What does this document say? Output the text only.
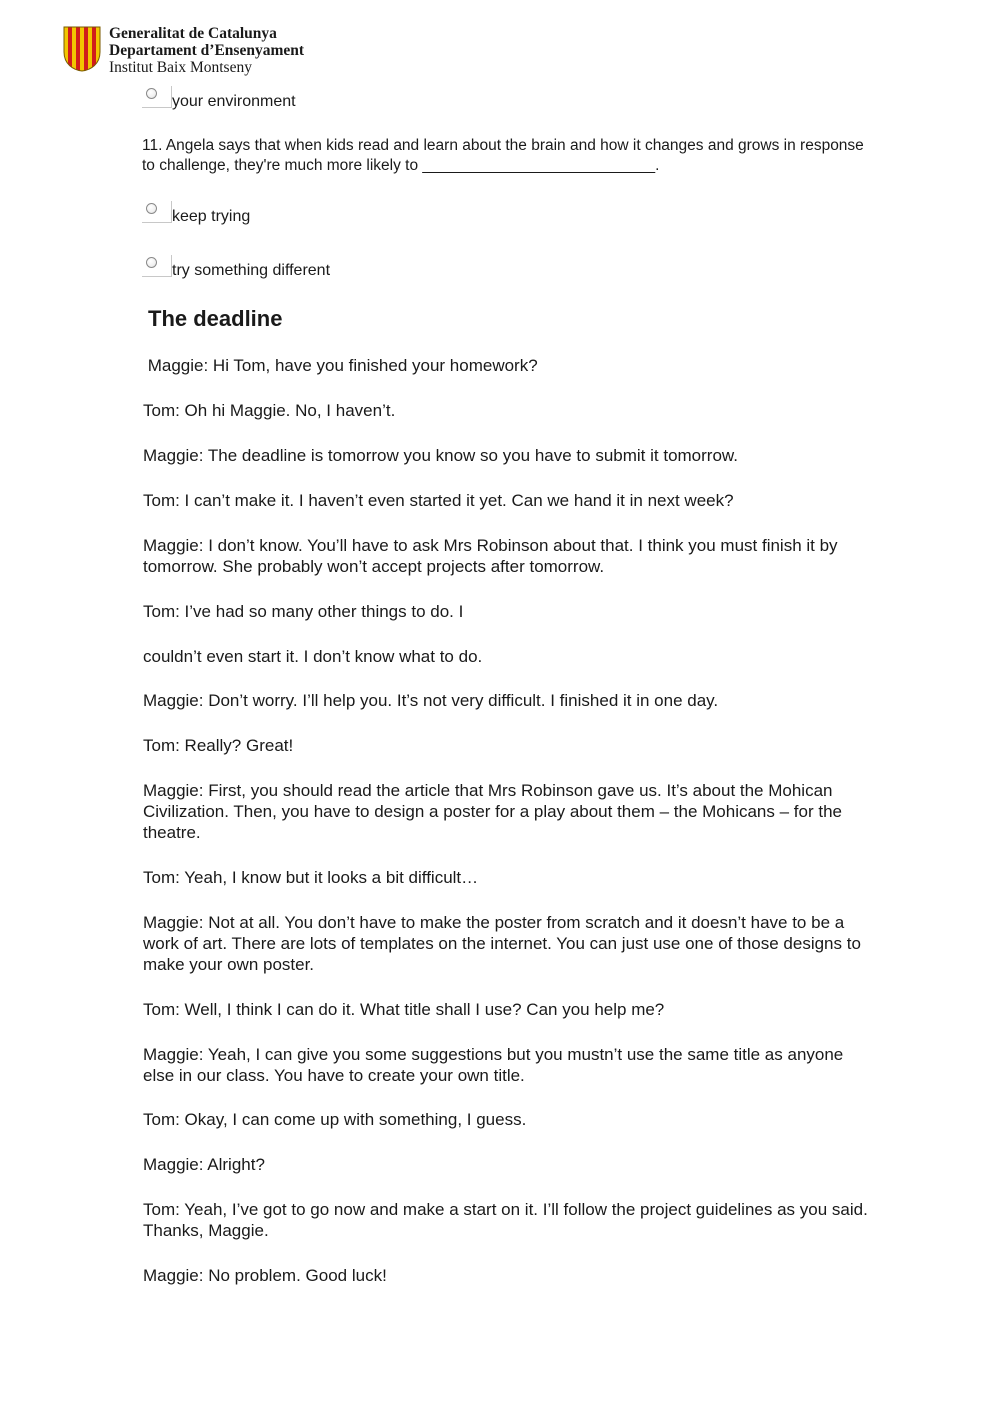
Generalitat de Catalunya
Departament d’Ensenyament
Institut Baix Montseny
your environment
11. Angela says that when kids read and learn about the brain and how it changes and grows in response to challenge, they're much more likely to ___________________________.
keep trying
try something different
The deadline
Maggie: Hi Tom, have you finished your homework?
Tom: Oh hi Maggie. No, I haven’t.
Maggie: The deadline is tomorrow you know so you have to submit it tomorrow.
Tom: I can’t make it. I haven’t even started it yet. Can we hand it in next week?
Maggie: I don’t know. You’ll have to ask Mrs Robinson about that. I think you must finish it by tomorrow. She probably won’t accept projects after tomorrow.
Tom: I’ve had so many other things to do. I
couldn’t even start it. I don’t know what to do.
Maggie: Don’t worry. I’ll help you. It’s not very difficult. I finished it in one day.
Tom: Really? Great!
Maggie: First, you should read the article that Mrs Robinson gave us. It’s about the Mohican Civilization. Then, you have to design a poster for a play about them – the Mohicans – for the theatre.
Tom: Yeah, I know but it looks a bit difficult…
Maggie: Not at all. You don’t have to make the poster from scratch and it doesn’t have to be a work of art. There are lots of templates on the internet. You can just use one of those designs to make your own poster.
Tom: Well, I think I can do it. What title shall I use? Can you help me?
Maggie: Yeah, I can give you some suggestions but you mustn’t use the same title as anyone else in our class. You have to create your own title.
Tom: Okay, I can come up with something, I guess.
Maggie: Alright?
Tom: Yeah, I’ve got to go now and make a start on it. I’ll follow the project guidelines as you said. Thanks, Maggie.
Maggie: No problem. Good luck!
